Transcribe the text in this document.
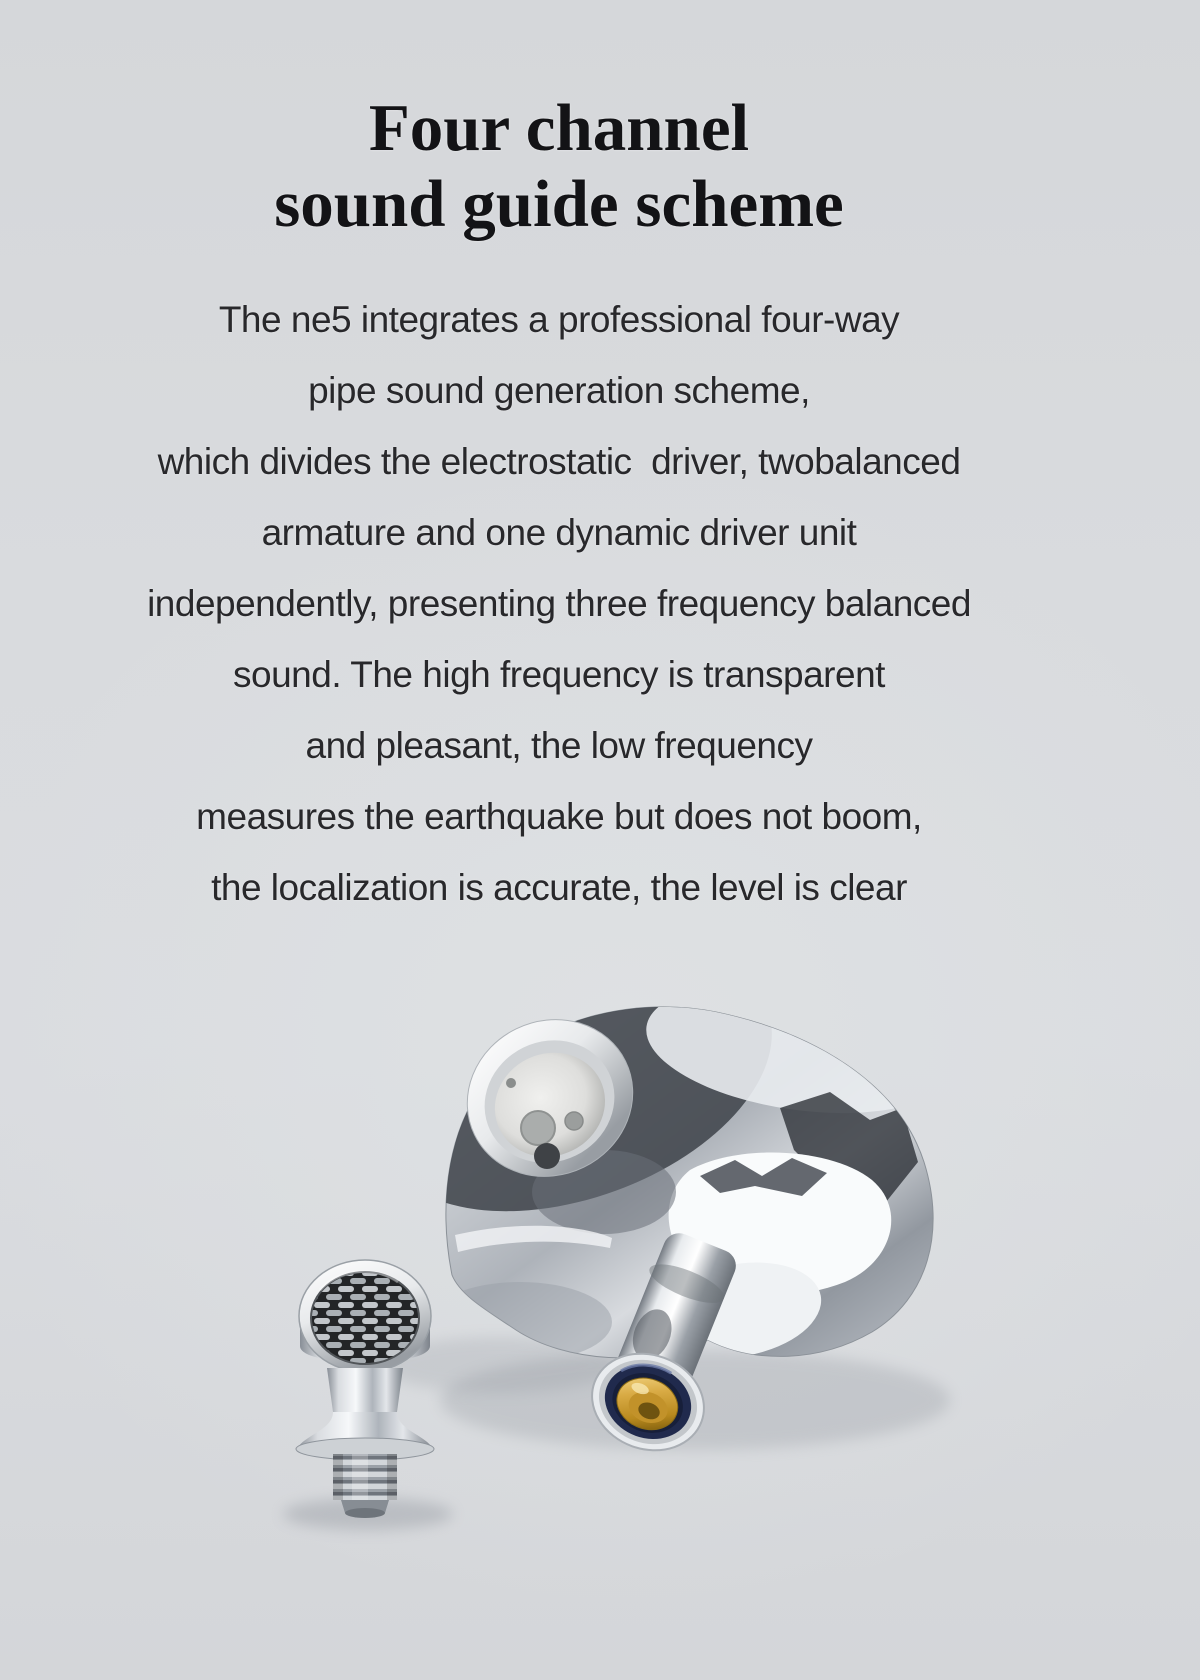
Four channel
sound guide scheme

The ne5 integrates a professional four-way

pipe sound generation scheme,

which divides the electrostatic  driver, twobalanced

armature and one dynamic driver unit

independently, presenting three frequency balanced

sound. The high frequency is transparent

and pleasant, the low frequency

measures the earthquake but does not boom,

the localization is accurate, the level is clear
